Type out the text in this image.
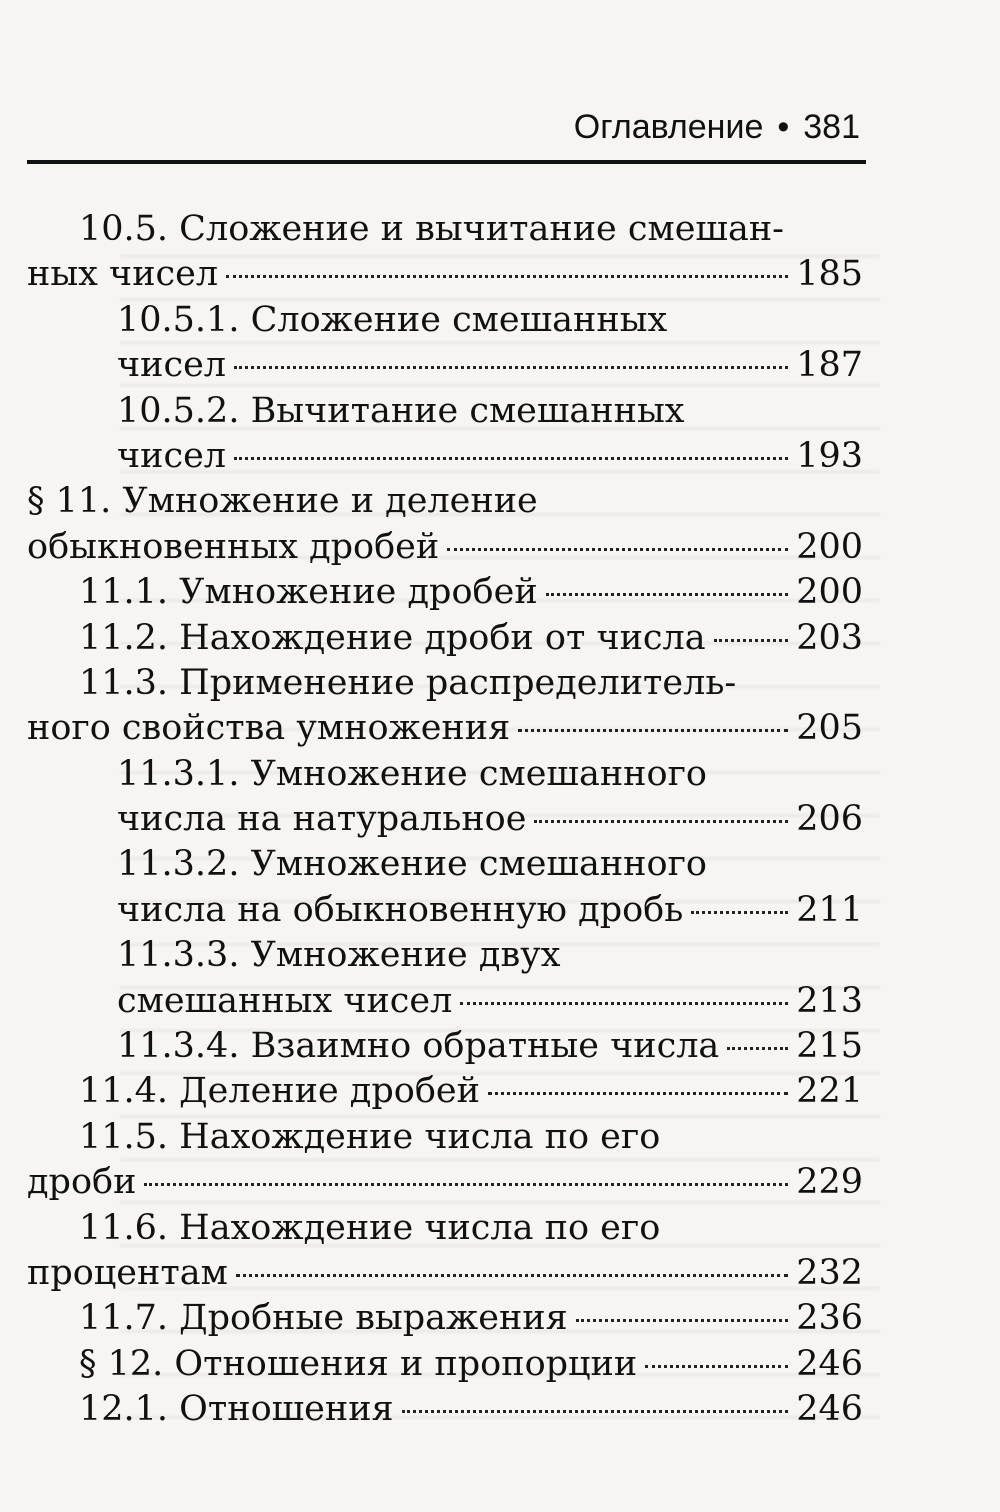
Оглавление • 381
10.5. Сложение и вычитание смешан-
ных чисел	185
10.5.1. Сложение смешанных
чисел	187
10.5.2. Вычитание смешанных
чисел	193
§ 11. Умножение и деление
обыкновенных дробей	200
11.1. Умножение дробей	200
11.2. Нахождение дроби от числа	203
11.3. Применение распределитель-
ного свойства умножения	205
11.3.1. Умножение смешанного
числа на натуральное	206
11.3.2. Умножение смешанного
числа на обыкновенную дробь	211
11.3.3. Умножение двух
смешанных чисел	213
11.3.4. Взаимно обратные числа 215
11.4. Деление дробей	221
11.5. Нахождение числа по его
дроби	229
11.6. Нахождение числа по его
процентам	232
11.7. Дробные выражения	236
§ 12. Отношения и пропорции	246
12.1. Отношения	246
